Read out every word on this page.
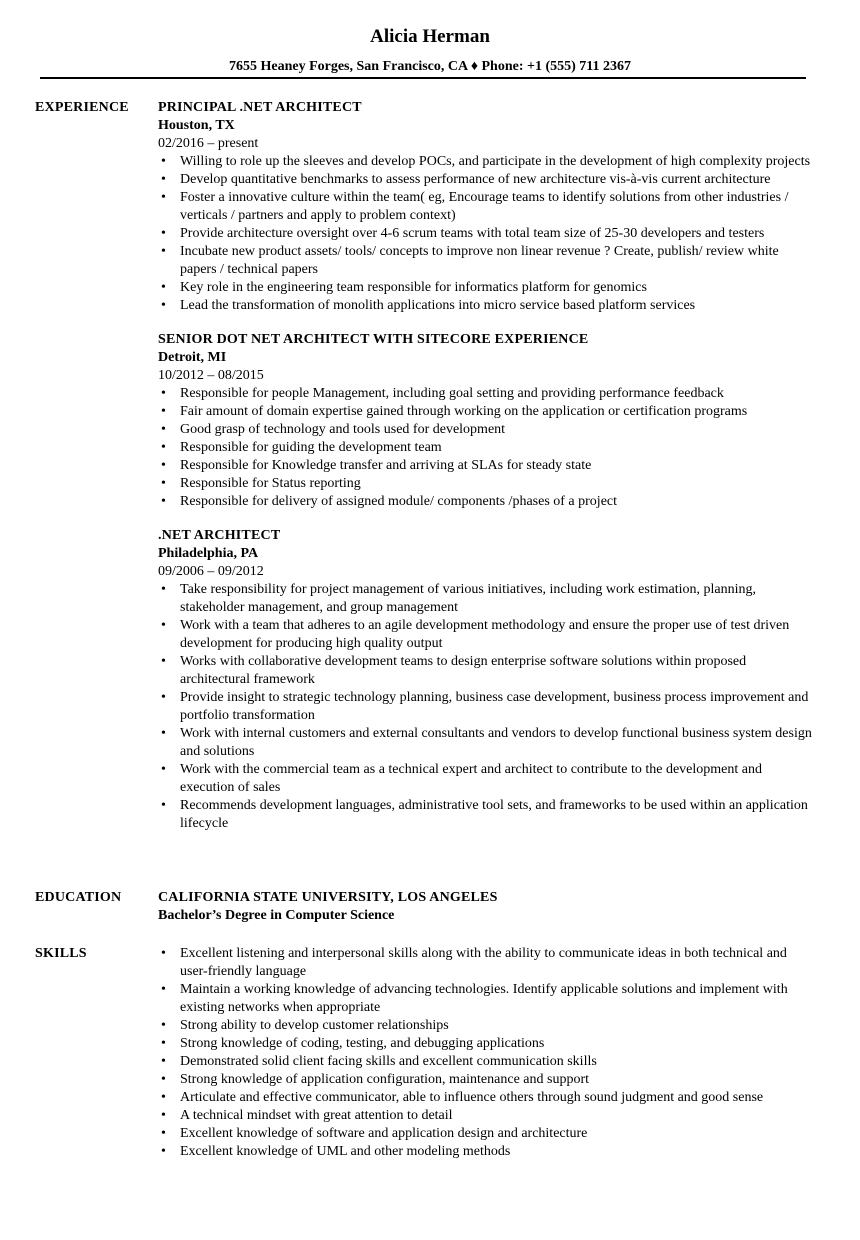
Alicia Herman
7655 Heaney Forges, San Francisco, CA ♦ Phone: +1 (555) 711 2367
EXPERIENCE PRINCIPAL .NET ARCHITECT
Houston, TX
02/2016 – present
• Willing to role up the sleeves and develop POCs, and participate in the development of high complexity projects
• Develop quantitative benchmarks to assess performance of new architecture vis-à-vis current architecture
• Foster a innovative culture within the team( eg, Encourage teams to identify solutions from other industries / verticals / partners and apply to problem context)
• Provide architecture oversight over 4-6 scrum teams with total team size of 25-30 developers and testers
• Incubate new product assets/ tools/ concepts to improve non linear revenue ? Create, publish/ review white papers / technical papers
• Key role in the engineering team responsible for informatics platform for genomics
• Lead the transformation of monolith applications into micro service based platform services
SENIOR DOT NET ARCHITECT WITH SITECORE EXPERIENCE
Detroit, MI
10/2012 – 08/2015
• Responsible for people Management, including goal setting and providing performance feedback
• Fair amount of domain expertise gained through working on the application or certification programs
• Good grasp of technology and tools used for development
• Responsible for guiding the development team
• Responsible for Knowledge transfer and arriving at SLAs for steady state
• Responsible for Status reporting
• Responsible for delivery of assigned module/ components /phases of a project
.NET ARCHITECT
Philadelphia, PA
09/2006 – 09/2012
• Take responsibility for project management of various initiatives, including work estimation, planning, stakeholder management, and group management
• Work with a team that adheres to an agile development methodology and ensure the proper use of test driven development for producing high quality output
• Works with collaborative development teams to design enterprise software solutions within proposed architectural framework
• Provide insight to strategic technology planning, business case development, business process improvement and portfolio transformation
• Work with internal customers and external consultants and vendors to develop functional business system design and solutions
• Work with the commercial team as a technical expert and architect to contribute to the development and execution of sales
• Recommends development languages, administrative tool sets, and frameworks to be used within an application lifecycle
EDUCATION	CALIFORNIA STATE UNIVERSITY, LOS ANGELES
Bachelor’s Degree in Computer Science
SKILLS	• Excellent listening and interpersonal skills along with the ability to communicate ideas in both technical and user-friendly language
• Maintain a working knowledge of advancing technologies. Identify applicable solutions and implement with existing networks when appropriate
• Strong ability to develop customer relationships
• Strong knowledge of coding, testing, and debugging applications
• Demonstrated solid client facing skills and excellent communication skills
• Strong knowledge of application configuration, maintenance and support
• Articulate and effective communicator, able to influence others through sound judgment and good sense
• A technical mindset with great attention to detail
• Excellent knowledge of software and application design and architecture
• Excellent knowledge of UML and other modeling methods
